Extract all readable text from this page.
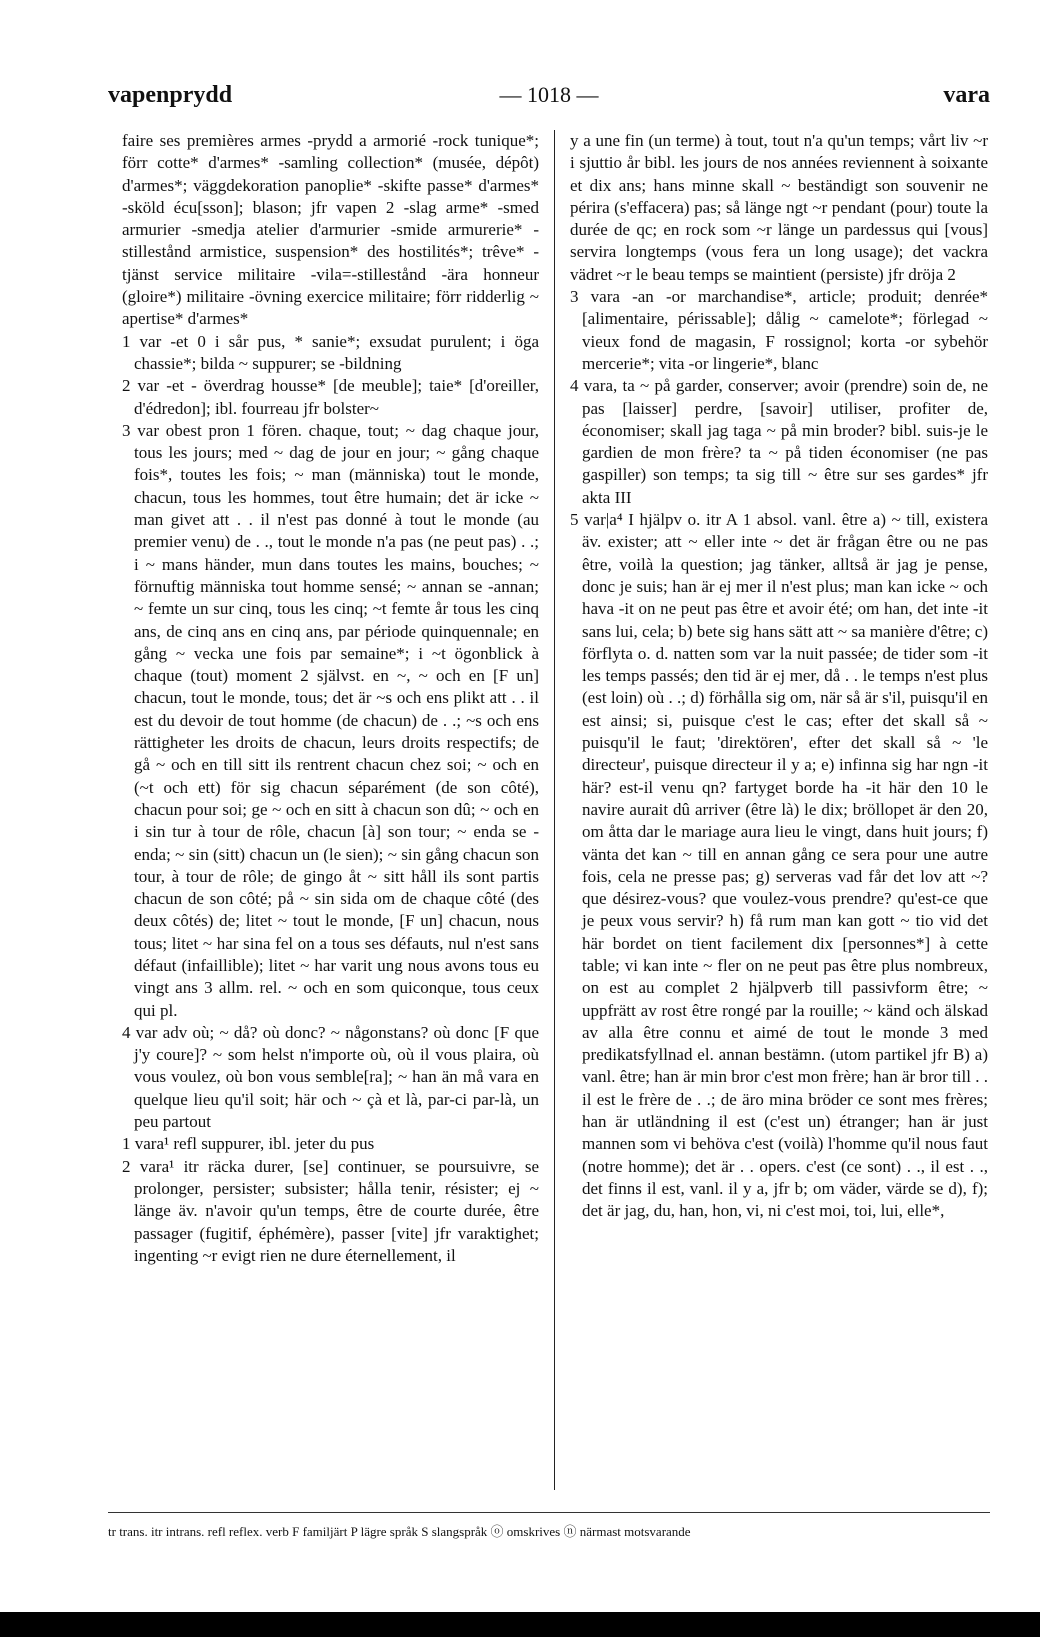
vapenprydd	— 1018 —	vara

faire ses premières armes -prydd a armorié -rock tunique*; förr cotte* d'armes* -samling collection* (musée, dépôt) d'armes*; väggdekoration panoplie* -skifte passe* d'armes* -sköld écu[sson]; blason; jfr vapen 2 -slag arme* -smed armurier -smedja atelier d'armurier -smide armurerie* -stillestånd armistice, suspension* des hostilités*; trêve* -tjänst service militaire -vila=-stillestånd -ära honneur (gloire*) militaire -övning exercice militaire; förr ridderlig ~ apertise* d'armes*

1 var -et 0 i sår pus, * sanie*; exsudat purulent; i öga chassie*; bilda ~ suppurer; se -bildning

2 var -et - överdrag housse* [de meuble]; taie* [d'oreiller, d'édredon]; ibl. fourreau jfr bolster~

3 var obest pron 1 fören. chaque, tout; ~ dag chaque jour, tous les jours; med ~ dag de jour en jour; ~ gång chaque fois*, toutes les fois; ~ man (människa) tout le monde, chacun, tous les hommes, tout être humain; det är icke ~ man givet att . . il n'est pas donné à tout le monde (au premier venu) de . ., tout le monde n'a pas (ne peut pas) . .; i ~ mans händer, mun dans toutes les mains, bouches; ~ förnuftig människa tout homme sensé; ~ annan se -annan; ~ femte un sur cinq, tous les cinq; ~t femte år tous les cinq ans, de cinq ans en cinq ans, par période quinquennale; en gång ~ vecka une fois par semaine*; i ~t ögonblick à chaque (tout) moment 2 självst. en ~, ~ och en [F un] chacun, tout le monde, tous; det är ~s och ens plikt att . . il est du devoir de tout homme (de chacun) de . .; ~s och ens rättigheter les droits de chacun, leurs droits respectifs; de gå ~ och en till sitt ils rentrent chacun chez soi; ~ och en (~t och ett) för sig chacun séparément (de son côté), chacun pour soi; ge ~ och en sitt à chacun son dû; ~ och en i sin tur à tour de rôle, chacun [à] son tour; ~ enda se -enda; ~ sin (sitt) chacun un (le sien); ~ sin gång chacun son tour, à tour de rôle; de gingo åt ~ sitt håll ils sont partis chacun de son côté; på ~ sin sida om de chaque côté (des deux côtés) de; litet ~ tout le monde, [F un] chacun, nous tous; litet ~ har sina fel on a tous ses défauts, nul n'est sans défaut (infaillible); litet ~ har varit ung nous avons tous eu vingt ans 3 allm. rel. ~ och en som quiconque, tous ceux qui pl.

4 var adv où; ~ då? où donc? ~ någonstans? où donc [F que j'y coure]? ~ som helst n'importe où, où il vous plaira, où vous voulez, où bon vous semble[ra]; ~ han än må vara en quelque lieu qu'il soit; här och ~ çà et là, par-ci par-là, un peu partout

1 vara¹ refl suppurer, ibl. jeter du pus

2 vara¹ itr räcka durer, [se] continuer, se poursuivre, se prolonger, persister; subsister; hålla tenir, résister; ej ~ länge äv. n'avoir qu'un temps, être de courte durée, être passager (fugitif, éphémère), passer [vite] jfr varaktighet; ingenting ~r evigt rien ne dure éternellement, il

y a une fin (un terme) à tout, tout n'a qu'un temps; vårt liv ~r i sjuttio år bibl. les jours de nos années reviennent à soixante et dix ans; hans minne skall ~ beständigt son souvenir ne périra (s'effacera) pas; så länge ngt ~r pendant (pour) toute la durée de qc; en rock som ~r länge un pardessus qui [vous] servira longtemps (vous fera un long usage); det vackra vädret ~r le beau temps se maintient (persiste) jfr dröja 2

3 vara -an -or marchandise*, article; produit; denrée* [alimentaire, périssable]; dålig ~ camelote*; förlegad ~ vieux fond de magasin, F rossignol; korta -or sybehör mercerie*; vita -or lingerie*, blanc

4 vara, ta ~ på garder, conserver; avoir (prendre) soin de, ne pas [laisser] perdre, [savoir] utiliser, profiter de, économiser; skall jag taga ~ på min broder? bibl. suis-je le gardien de mon frère? ta ~ på tiden économiser (ne pas gaspiller) son temps; ta sig till ~ être sur ses gardes* jfr akta III

5 var|a⁴ I hjälpv o. itr A 1 absol. vanl. être a) ~ till, existera äv. exister; att ~ eller inte ~ det är frågan être ou ne pas être, voilà la question; jag tänker, alltså är jag je pense, donc je suis; han är ej mer il n'est plus; man kan icke ~ och hava -it on ne peut pas être et avoir été; om han, det inte -it sans lui, cela; b) bete sig hans sätt att ~ sa manière d'être; c) förflyta o. d. natten som var la nuit passée; de tider som -it les temps passés; den tid är ej mer, då . . le temps n'est plus (est loin) où . .; d) förhålla sig om, när så är s'il, puisqu'il en est ainsi; si, puisque c'est le cas; efter det skall så ~ puisqu'il le faut; 'direktören', efter det skall så ~ 'le directeur', puisque directeur il y a; e) infinna sig har ngn -it här? est-il venu qn? fartyget borde ha -it här den 10 le navire aurait dû arriver (être là) le dix; bröllopet är den 20, om åtta dar le mariage aura lieu le vingt, dans huit jours; f) vänta det kan ~ till en annan gång ce sera pour une autre fois, cela ne presse pas; g) serveras vad får det lov att ~? que désirez-vous? que voulez-vous prendre? qu'est-ce que je peux vous servir? h) få rum man kan gott ~ tio vid det här bordet on tient facilement dix [personnes*] à cette table; vi kan inte ~ fler on ne peut pas être plus nombreux, on est au complet 2 hjälpverb till passivform être; ~ uppfrätt av rost être rongé par la rouille; ~ känd och älskad av alla être connu et aimé de tout le monde 3 med predikatsfyllnad el. annan bestämn. (utom partikel jfr B) a) vanl. être; han är min bror c'est mon frère; han är bror till . . il est le frère de . .; de äro mina bröder ce sont mes frères; han är utländning il est (c'est un) étranger; han är just mannen som vi behöva c'est (voilà) l'homme qu'il nous faut (notre homme); det är . . opers. c'est (ce sont) . ., il est . ., det finns il est, vanl. il y a, jfr b; om väder, värde se d), f); det är jag, du, han, hon, vi, ni c'est moi, toi, lui, elle*,

tr trans. itr intrans. refl reflex. verb F familjärt P lägre språk S slangspråk ⓞ omskrives ⓝ närmast motsvarande
